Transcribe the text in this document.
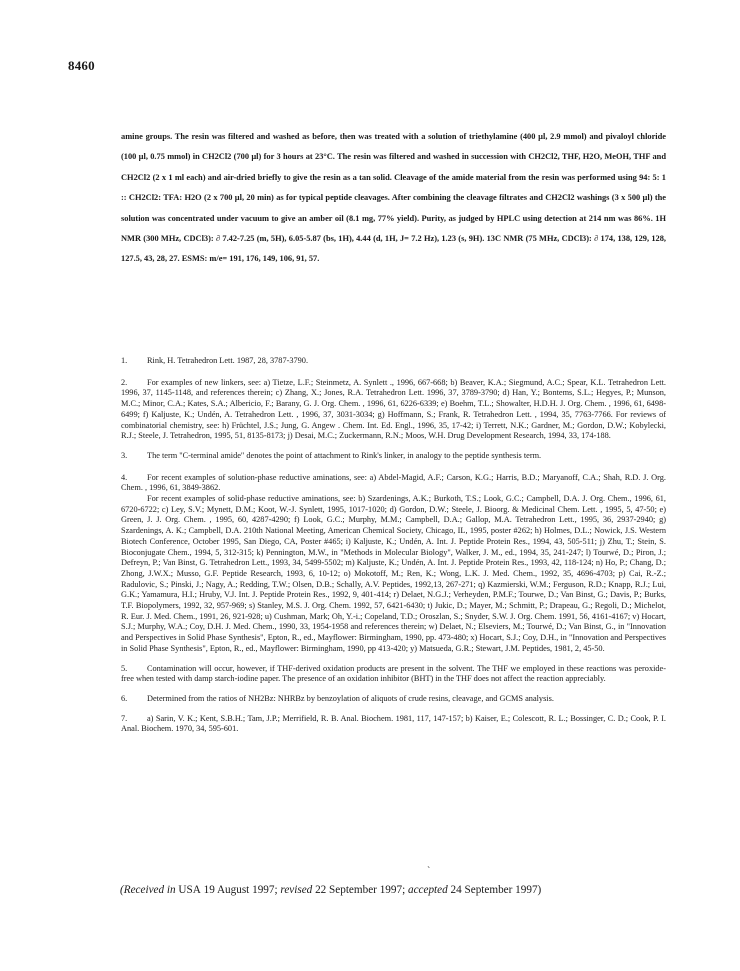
8460

amine groups. The resin was filtered and washed as before, then was treated with a solution of triethylamine (400 µl, 2.9 mmol) and pivaloyl chloride (100 µl, 0.75 mmol) in CH2Cl2 (700 µl) for 3 hours at 23°C. The resin was filtered and washed in succession with CH2Cl2, THF, H2O, MeOH, THF and CH2Cl2 (2 x 1 ml each) and air-dried briefly to give the resin as a tan solid. Cleavage of the amide material from the resin was performed using 94: 5: 1 :: CH2Cl2: TFA: H2O (2 x 700 µl, 20 min) as for typical peptide cleavages. After combining the cleavage filtrates and CH2Cl2 washings (3 x 500 µl) the solution was concentrated under vacuum to give an amber oil (8.1 mg, 77% yield). Purity, as judged by HPLC using detection at 214 nm was 86%. 1H NMR (300 MHz, CDCl3): ∂ 7.42-7.25 (m, 5H), 6.05-5.87 (bs, 1H), 4.44 (d, 1H, J= 7.2 Hz), 1.23 (s, 9H). 13C NMR (75 MHz, CDCl3): ∂ 174, 138, 129, 128, 127.5, 43, 28, 27. ESMS: m/e= 191, 176, 149, 106, 91, 57.

1. Rink, H. Tetrahedron Lett. 1987, 28, 3787-3790.

2. For examples of new linkers, see: a) Tietze, L.F.; Steinmetz, A. Synlett ., 1996, 667-668; b) Beaver, K.A.; Siegmund, A.C.; Spear, K.L. Tetrahedron Lett. 1996, 37, 1145-1148, and references therein; c) Zhang, X.; Jones, R.A. Tetrahedron Lett. 1996, 37, 3789-3790; d) Han, Y.; Bontems, S.L.; Hegyes, P.; Munson, M.C.; Minor, C.A.; Kates, S.A.; Albericio, F.; Barany, G. J. Org. Chem. , 1996, 61, 6226-6339; e) Boehm, T.L.; Showalter, H.D.H. J. Org. Chem. , 1996, 61, 6498-6499; f) Kaljuste, K.; Undén, A. Tetrahedron Lett. , 1996, 37, 3031-3034; g) Hoffmann, S.; Frank, R. Tetrahedron Lett. , 1994, 35, 7763-7766. For reviews of combinatorial chemistry, see: h) Früchtel, J.S.; Jung, G. Angew . Chem. Int. Ed. Engl., 1996, 35, 17-42; i) Terrett, N.K.; Gardner, M.; Gordon, D.W.; Kobylecki, R.J.; Steele, J. Tetrahedron, 1995, 51, 8135-8173; j) Desai, M.C.; Zuckermann, R.N.; Moos, W.H. Drug Development Research, 1994, 33, 174-188.

3. The term "C-terminal amide" denotes the point of attachment to Rink's linker, in analogy to the peptide synthesis term.

4. For recent examples of solution-phase reductive aminations, see: a) Abdel-Magid, A.F.; Carson, K.G.; Harris, B.D.; Maryanoff, C.A.; Shah, R.D. J. Org. Chem. , 1996, 61, 3849-3862.

For recent examples of solid-phase reductive aminations, see: b) Szardenings, A.K.; Burkoth, T.S.; Look, G.C.; Campbell, D.A. J. Org. Chem., 1996, 61, 6720-6722; c) Ley, S.V.; Mynett, D.M.; Koot, W.-J. Synlett, 1995, 1017-1020; d) Gordon, D.W.; Steele, J. Bioorg. & Medicinal Chem. Lett. , 1995, 5, 47-50; e) Green, J. J. Org. Chem. , 1995, 60, 4287-4290; f) Look, G.C.; Murphy, M.M.; Campbell, D.A.; Gallop, M.A. Tetrahedron Lett., 1995, 36, 2937-2940; g) Szardenings, A. K.; Campbell, D.A. 210th National Meeting, American Chemical Society, Chicago, IL, 1995, poster #262; h) Holmes, D.L.; Nowick, J.S. Western Biotech Conference, October 1995, San Diego, CA, Poster #465; i) Kaljuste, K.; Undén, A. Int. J. Peptide Protein Res., 1994, 43, 505-511; j) Zhu, T.; Stein, S. Bioconjugate Chem., 1994, 5, 312-315; k) Pennington, M.W., in "Methods in Molecular Biology", Walker, J. M., ed., 1994, 35, 241-247; l) Tourwé, D.; Piron, J.; Defreyn, P.; Van Binst, G. Tetrahedron Lett., 1993, 34, 5499-5502; m) Kaljuste, K.; Undén, A. Int. J. Peptide Protein Res., 1993, 42, 118-124; n) Ho, P.; Chang, D.; Zhong, J.W.X.; Musso, G.F. Peptide Research, 1993, 6, 10-12; o) Mokotoff, M.; Ren, K.; Wong, L.K. J. Med. Chem., 1992, 35, 4696-4703; p) Cai, R.-Z.; Radulovic, S.; Pinski, J.; Nagy, A.; Redding, T.W.; Olsen, D.B.; Schally, A.V. Peptides, 1992,13, 267-271; q) Kazmierski, W.M.; Ferguson, R.D.; Knapp, R.J.; Lui, G.K.; Yamamura, H.I.; Hruby, V.J. Int. J. Peptide Protein Res., 1992, 9, 401-414; r) Delaet, N.G.J.; Verheyden, P.M.F.; Tourwe, D.; Van Binst, G.; Davis, P.; Burks, T.F. Biopolymers, 1992, 32, 957-969; s) Stanley, M.S. J. Org. Chem. 1992, 57, 6421-6430; t) Jukic, D.; Mayer, M.; Schmitt, P.; Drapeau, G.; Regoli, D.; Michelot, R. Eur. J. Med. Chem., 1991, 26, 921-928; u) Cushman, Mark; Oh, Y.-i.; Copeland, T.D.; Oroszlan, S.; Snyder, S.W. J. Org. Chem. 1991, 56, 4161-4167; v) Hocart, S.J.; Murphy, W.A.; Coy, D.H. J. Med. Chem., 1990, 33, 1954-1958 and references therein; w) Delaet, N.; Elseviers, M.; Tourwé, D.; Van Binst, G., in "Innovation and Perspectives in Solid Phase Synthesis", Epton, R., ed., Mayflower: Birmingham, 1990, pp. 473-480; x) Hocart, S.J.; Coy, D.H., in "Innovation and Perspectives in Solid Phase Synthesis", Epton, R., ed., Mayflower: Birmingham, 1990, pp 413-420; y) Matsueda, G.R.; Stewart, J.M. Peptides, 1981, 2, 45-50.

5. Contamination will occur, however, if THF-derived oxidation products are present in the solvent. The THF we employed in these reactions was peroxide-free when tested with damp starch-iodine paper. The presence of an oxidation inhibitor (BHT) in the THF does not affect the reaction appreciably.

6. Determined from the ratios of NH2Bz: NHRBz by benzoylation of aliquots of crude resins, cleavage, and GCMS analysis.

7. a) Sarin, V. K.; Kent, S.B.H.; Tam, J.P.; Merrifield, R. B. Anal. Biochem. 1981, 117, 147-157; b) Kaiser, E.; Colescott, R. L.; Bossinger, C. D.; Cook, P. I. Anal. Biochem. 1970, 34, 595-601.

`

(Received in USA 19 August 1997; revised 22 September 1997; accepted 24 September 1997)
